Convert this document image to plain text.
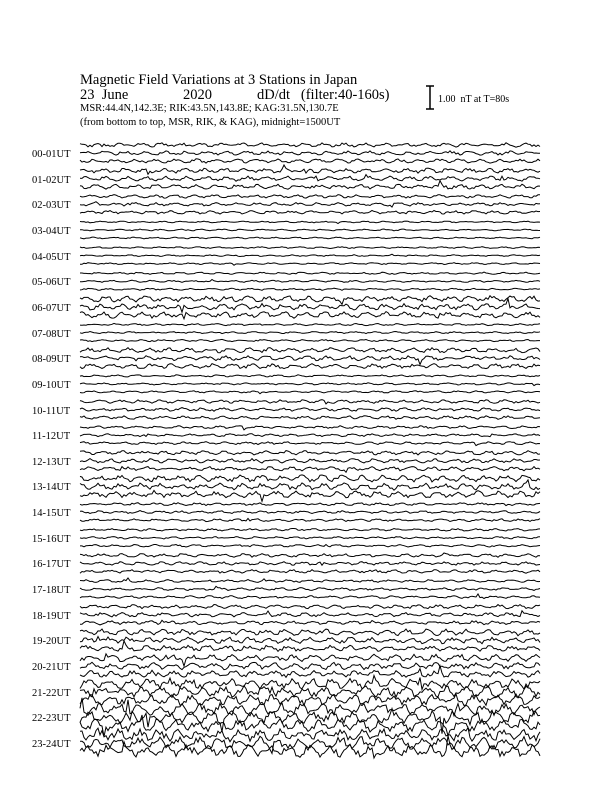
Magnetic Field Variations at 3 Stations in Japan
23  June	2020	dD/dt   (filter:40-160s)
MSR:44.4N,142.3E; RIK:43.5N,143.8E; KAG:31.5N,130.7E
(from bottom to top, MSR, RIK, & KAG), midnight=1500UT
1.00  nT at T=80s
00-01UT
01-02UT
02-03UT
03-04UT
04-05UT
05-06UT
06-07UT
07-08UT
08-09UT
09-10UT
10-11UT
11-12UT
12-13UT
13-14UT
14-15UT
15-16UT
16-17UT
17-18UT
18-19UT
19-20UT
20-21UT
21-22UT
22-23UT
23-24UT
